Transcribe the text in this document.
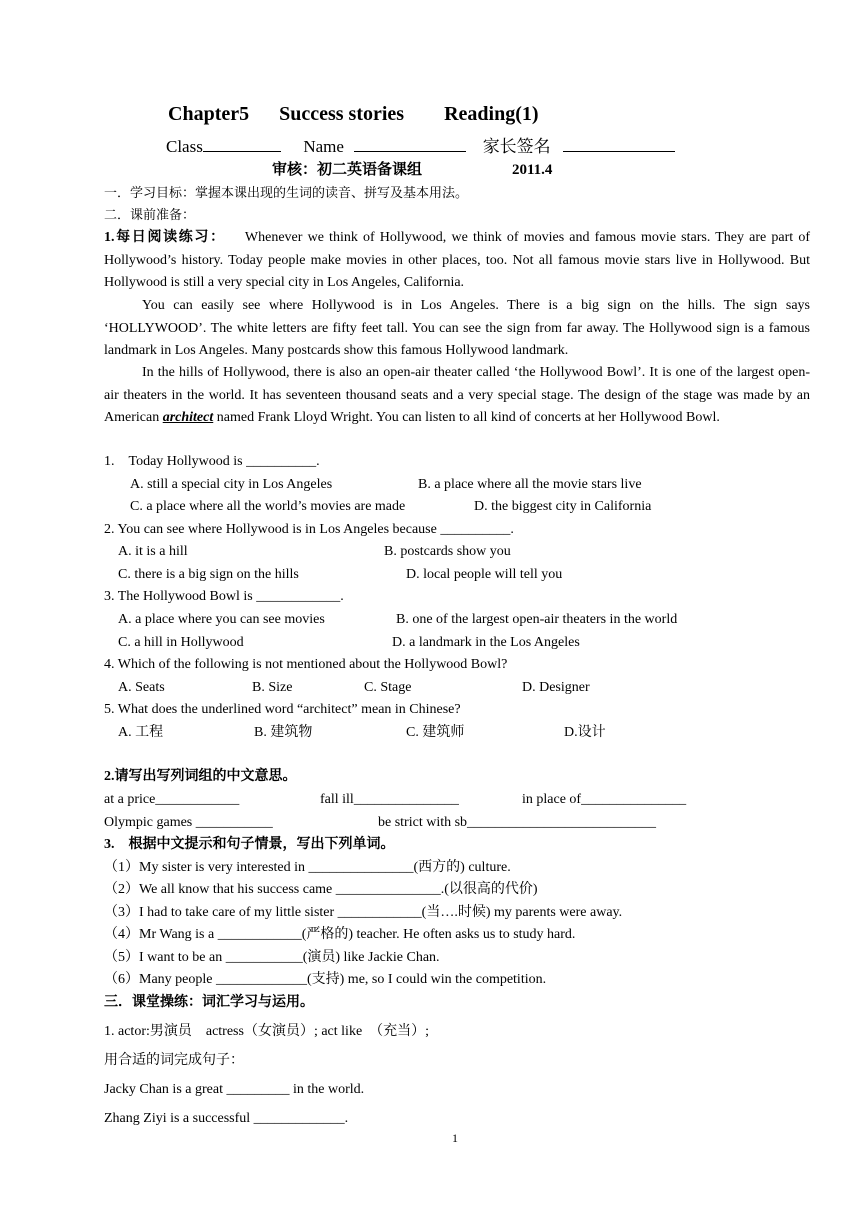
Chapter5 Success stories Reading(1)
Class	Name	家长签名
审核：初二英语备课组	2011.4
一．学习目标：掌握本课出现的生词的读音、拼写及基本用法。
二．课前准备：

1.每日阅读练习： Whenever we think of Hollywood, we think of movies and famous movie stars. They are part of Hollywood’s history. Today people make movies in other places, too. Not all famous movie stars live in Hollywood. But Hollywood is still a very special city in Los Angeles, California.

You can easily see where Hollywood is in Los Angeles. There is a big sign on the hills. The sign says ‘HOLLYWOOD’. The white letters are fifty feet tall. You can see the sign from far away. The Hollywood sign is a famous landmark in Los Angeles. Many postcards show this famous Hollywood landmark.

In the hills of Hollywood, there is also an open-air theater called ‘the Hollywood Bowl’. It is one of the largest open-air theaters in the world. It has seventeen thousand seats and a very special stage. The design of the stage was made by an American architect named Frank Lloyd Wright. You can listen to all kind of concerts at her Hollywood Bowl.

1.　Today Hollywood is __________.
A. still a special city in Los Angeles	B. a place where all the movie stars live
C. a place where all the world’s movies are made	D. the biggest city in California
2. You can see where Hollywood is in Los Angeles because __________.
A. it is a hill	B. postcards show you
C. there is a big sign on the hills	D. local people will tell you
3. The Hollywood Bowl is ____________.
A. a place where you can see movies	B. one of the largest open-air theaters in the world
C. a hill in Hollywood	D. a landmark in the Los Angeles
4. Which of the following is not mentioned about the Hollywood Bowl?
A. Seats	B. Size	C. Stage	D. Designer
5. What does the underlined word “architect” mean in Chinese?
A. 工程	B. 建筑物	C. 建筑师	D.设计
2.请写出写列词组的中文意思。
at a price____________	fall ill_______________	in place of_______________
Olympic games ___________	be strict with sb___________________________
3.　根据中文提示和句子情景，写出下列单词。
（1）My sister is very interested in _______________(西方的) culture.
（2）We all know that his success came _______________.(以很高的代价)
（3）I had to take care of my little sister ____________(当….时候) my parents were away.
（4）Mr Wang is a ____________(严格的) teacher. He often asks us to study hard.
（5）I want to be an ___________(演员) like Jackie Chan.
（6）Many people _____________(支持) me, so I could win the competition.
三．课堂操练：词汇学习与运用。
1. actor:男演员　actress（女演员）; act like　（充当）;
用合适的词完成句子：
Jacky Chan is a great _________ in the world.
Zhang Ziyi is a successful _____________.
1
